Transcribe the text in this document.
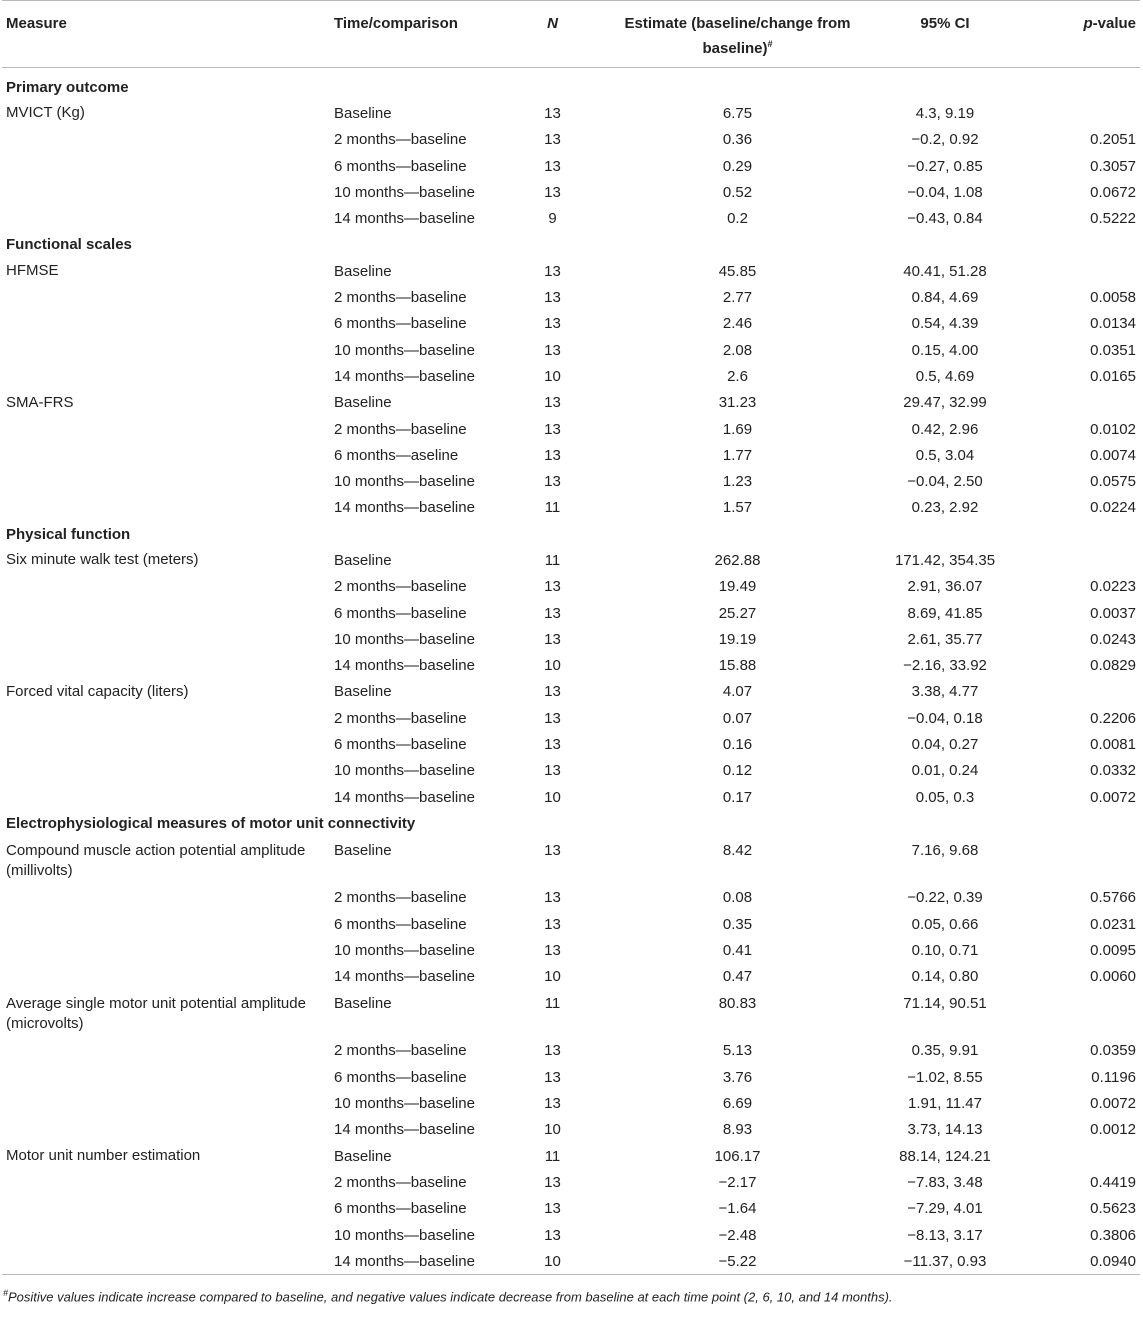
Measure	Time/comparison	N	Estimate (baseline/change from baseline)#	95% CI	p-value
Primary outcome					
MVICT (Kg)	Baseline	13	6.75	4.3, 9.19	
	2 months—baseline	13	0.36	−0.2, 0.92	0.2051
	6 months—baseline	13	0.29	−0.27, 0.85	0.3057
	10 months—baseline	13	0.52	−0.04, 1.08	0.0672
	14 months—baseline	9	0.2	−0.43, 0.84	0.5222
Functional scales					
HFMSE	Baseline	13	45.85	40.41, 51.28	
	2 months—baseline	13	2.77	0.84, 4.69	0.0058
	6 months—baseline	13	2.46	0.54, 4.39	0.0134
	10 months—baseline	13	2.08	0.15, 4.00	0.0351
	14 months—baseline	10	2.6	0.5, 4.69	0.0165
SMA-FRS	Baseline	13	31.23	29.47, 32.99	
	2 months—baseline	13	1.69	0.42, 2.96	0.0102
	6 months—aseline	13	1.77	0.5, 3.04	0.0074
	10 months—baseline	13	1.23	−0.04, 2.50	0.0575
	14 months—baseline	11	1.57	0.23, 2.92	0.0224
Physical function					
Six minute walk test (meters)	Baseline	11	262.88	171.42, 354.35	
	2 months—baseline	13	19.49	2.91, 36.07	0.0223
	6 months—baseline	13	25.27	8.69, 41.85	0.0037
	10 months—baseline	13	19.19	2.61, 35.77	0.0243
	14 months—baseline	10	15.88	−2.16, 33.92	0.0829
Forced vital capacity (liters)	Baseline	13	4.07	3.38, 4.77	
	2 months—baseline	13	0.07	−0.04, 0.18	0.2206
	6 months—baseline	13	0.16	0.04, 0.27	0.0081
	10 months—baseline	13	0.12	0.01, 0.24	0.0332
	14 months—baseline	10	0.17	0.05, 0.3	0.0072
Electrophysiological measures of motor unit connectivity					
Compound muscle action potential amplitude (millivolts)	Baseline	13	8.42	7.16, 9.68	
	2 months—baseline	13	0.08	−0.22, 0.39	0.5766
	6 months—baseline	13	0.35	0.05, 0.66	0.0231
	10 months—baseline	13	0.41	0.10, 0.71	0.0095
	14 months—baseline	10	0.47	0.14, 0.80	0.0060
Average single motor unit potential amplitude (microvolts)	Baseline	11	80.83	71.14, 90.51	
	2 months—baseline	13	5.13	0.35, 9.91	0.0359
	6 months—baseline	13	3.76	−1.02, 8.55	0.1196
	10 months—baseline	13	6.69	1.91, 11.47	0.0072
	14 months—baseline	10	8.93	3.73, 14.13	0.0012
Motor unit number estimation	Baseline	11	106.17	88.14, 124.21	
	2 months—baseline	13	−2.17	−7.83, 3.48	0.4419
	6 months—baseline	13	−1.64	−7.29, 4.01	0.5623
	10 months—baseline	13	−2.48	−8.13, 3.17	0.3806
	14 months—baseline	10	−5.22	−11.37, 0.93	0.0940
#Positive values indicate increase compared to baseline, and negative values indicate decrease from baseline at each time point (2, 6, 10, and 14 months).
